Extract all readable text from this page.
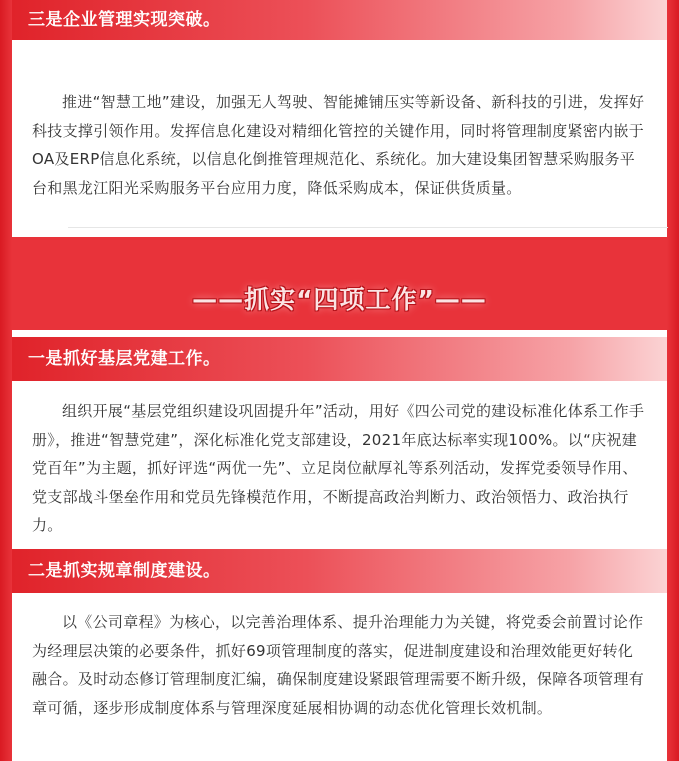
三是企业管理实现突破。

推进“智慧工地”建设，加强无人驾驶、智能摊铺压实等新设备、新科技的引进，发挥好科技支撑引领作用。发挥信息化建设对精细化管控的关键作用，同时将管理制度紧密内嵌于OA及ERP信息化系统，以信息化倒推管理规范化、系统化。加大建设集团智慧采购服务平台和黑龙江阳光采购服务平台应用力度，降低采购成本，保证供货质量。

——抓实“四项工作”——
一是抓好基层党建工作。

组织开展“基层党组织建设巩固提升年”活动，用好《四公司党的建设标准化体系工作手册》，推进“智慧党建”，深化标准化党支部建设，2021年底达标率实现100%。以“庆祝建党百年”为主题，抓好评选“两优一先”、立足岗位献厚礼等系列活动，发挥党委领导作用、党支部战斗堡垒作用和党员先锋模范作用，不断提高政治判断力、政治领悟力、政治执行力。

二是抓实规章制度建设。

以《公司章程》为核心，以完善治理体系、提升治理能力为关键，将党委会前置讨论作为经理层决策的必要条件，抓好69项管理制度的落实，促进制度建设和治理效能更好转化融合。及时动态修订管理制度汇编，确保制度建设紧跟管理需要不断升级，保障各项管理有章可循，逐步形成制度体系与管理深度延展相协调的动态优化管理长效机制。
